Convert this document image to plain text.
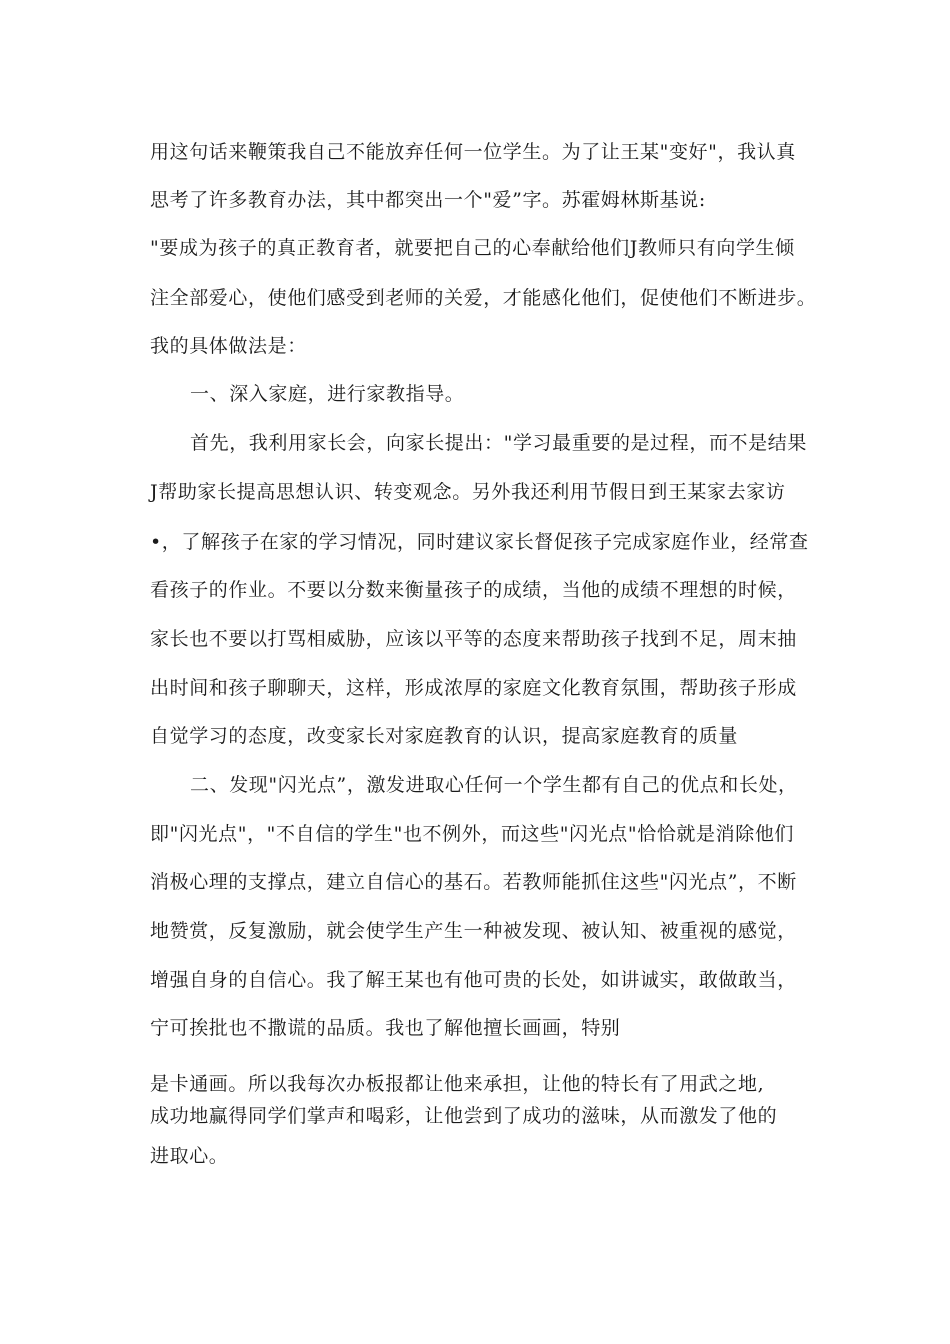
用这句话来鞭策我自己不能放弃任何一位学生。为了让王某"变好"，我认真
思考了许多教育办法，其中都突出一个"爱”字。苏霍姆林斯基说:
"要成为孩子的真正教育者，就要把自己的心奉献给他们J教师只有向学生倾
注全部爱心，使他们感受到老师的关爱，才能感化他们，促使他们不断进步。
我的具体做法是：
一、深入家庭，进行家教指导。
首先，我利用家长会，向家长提出："学习最重要的是过程，而不是结果
J帮助家长提高思想认识、转变观念。另外我还利用节假日到王某家去家访
•，了解孩子在家的学习情况，同时建议家长督促孩子完成家庭作业，经常查
看孩子的作业。不要以分数来衡量孩子的成绩，当他的成绩不理想的时候，
家长也不要以打骂相威胁，应该以平等的态度来帮助孩子找到不足，周末抽
出时间和孩子聊聊天，这样，形成浓厚的家庭文化教育氛围，帮助孩子形成
自觉学习的态度，改变家长对家庭教育的认识，提高家庭教育的质量
二、发现"闪光点”，激发进取心任何一个学生都有自己的优点和长处，
即"闪光点"，"不自信的学生"也不例外，而这些"闪光点"恰恰就是消除他们
消极心理的支撑点，建立自信心的基石。若教师能抓住这些"闪光点”，不断
地赞赏，反复激励，就会使学生产生一种被发现、被认知、被重视的感觉，
增强自身的自信心。我了解王某也有他可贵的长处，如讲诚实，敢做敢当，
宁可挨批也不撒谎的品质。我也了解他擅长画画，特别
是卡通画。所以我每次办板报都让他来承担，让他的特长有了用武之地,
成功地赢得同学们掌声和喝彩，让他尝到了成功的滋味，从而激发了他的
进取心。
